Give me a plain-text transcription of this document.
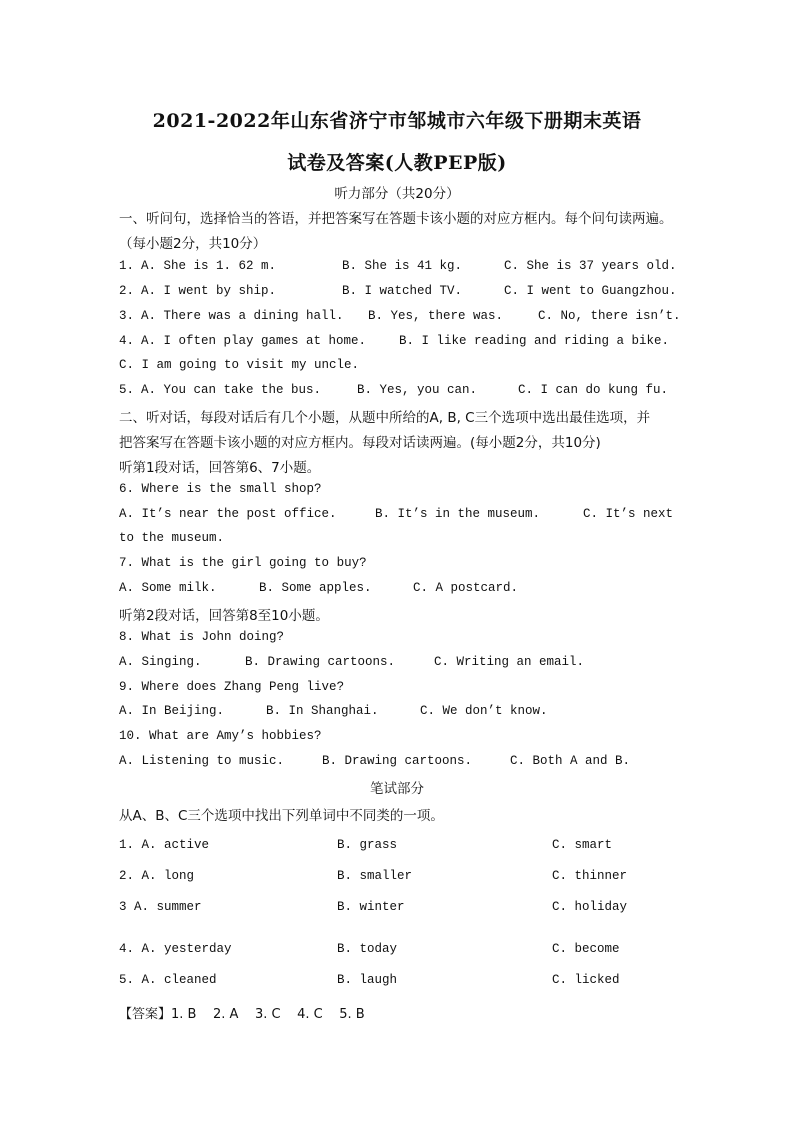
2021-2022年山东省济宁市邹城市六年级下册期末英语
试卷及答案(人教PEP版)
听力部分（共20分）
一、听问句，选择恰当的答语，并把答案写在答题卡该小题的对应方框内。每个问句读两遍。
（每小题2分，共10分）
1. A. She is 1. 62 m.	B. She is 41 kg.	C. She is 37 years old.
2. A. I went by ship.	B. I watched TV.	C. I went to Guangzhou.
3. A. There was a dining hall. B. Yes, there was.	C. No, there isn’t.
4. A. I often play games at home.	B. I like reading and riding a bike.
C. I am going to visit my uncle.
5. A. You can take the bus.	B. Yes, you can.	C. I can do kung fu.
二、听对话，每段对话后有几个小题，从题中所给的A, B, C三个选项中选出最佳选项，并
把答案写在答题卡该小题的对应方框内。每段对话读两遍。(每小题2分，共10分)
听第1段对话，回答第6、7小题。
6. Where is the small shop?
A. It’s near the post office.	B. It’s in the museum.	C. It’s next
to the museum.
7. What is the girl going to buy?
A. Some milk.	B. Some apples.	C. A postcard.
听第2段对话，回答第8至10小题。
8. What is John doing?
A. Singing.	B. Drawing cartoons.	C. Writing an email.
9. Where does Zhang Peng live?
A. In Beijing.	B. In Shanghai.	C. We don’t know.
10. What are Amy’s hobbies?
A. Listening to music.	B. Drawing cartoons.	C. Both A and B.
笔试部分
从A、B、C三个选项中找出下列单词中不同类的一项。
1. A. active	B. grass	C. smart
2. A. long	B. smaller	C. thinner
3 A. summer	B. winter	C. holiday
4. A. yesterday	B. today	C. become
5. A. cleaned	B. laugh	C. licked
【答案】1. B    2. A    3. C    4. C    5. B
